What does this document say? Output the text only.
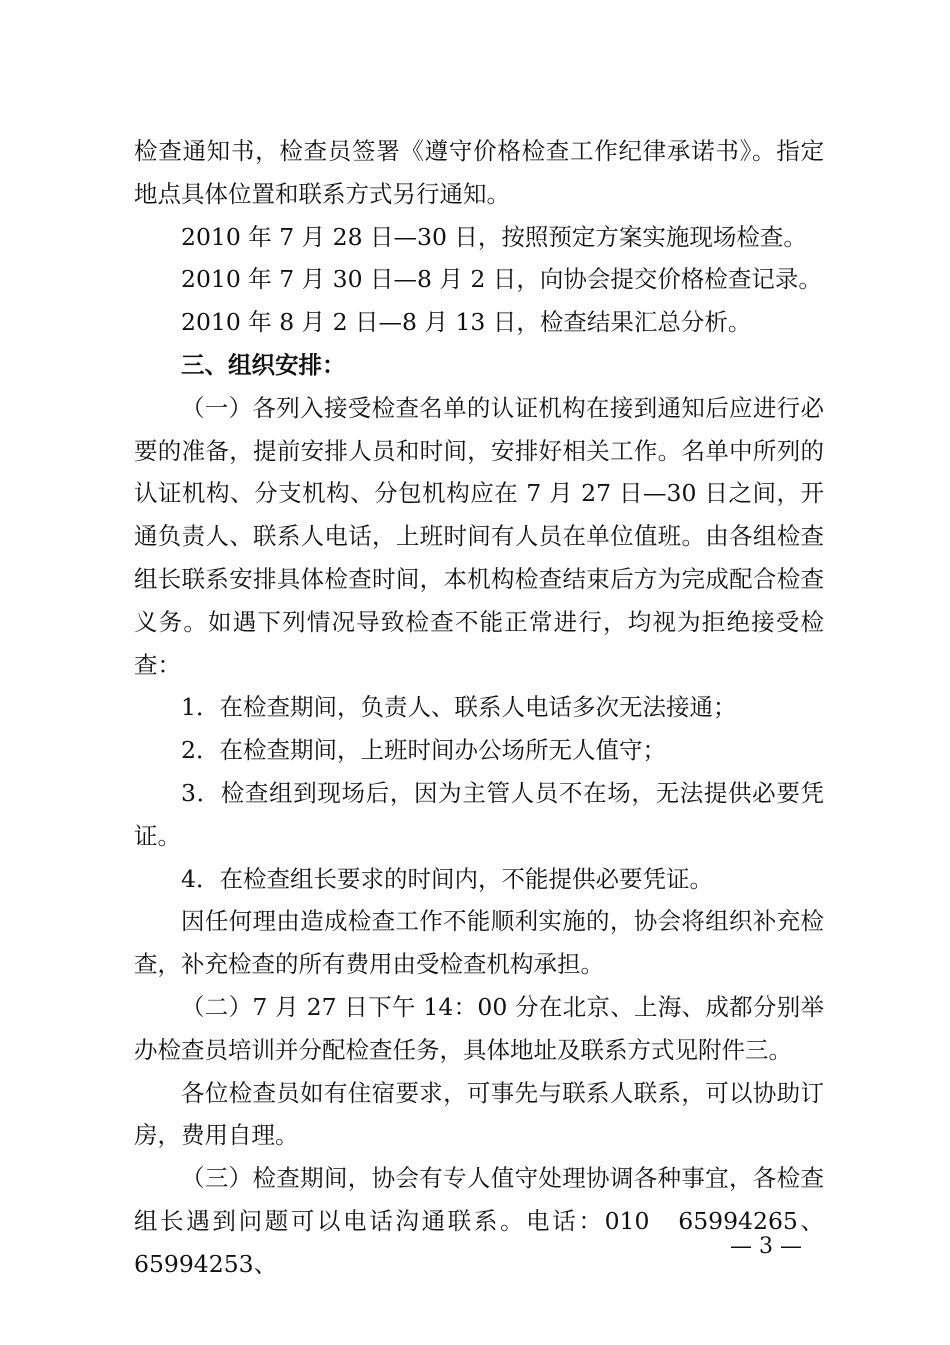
检查通知书，检查员签署《遵守价格检查工作纪律承诺书》。指定地点具体位置和联系方式另行通知。

2010 年 7 月 28 日—30 日，按照预定方案实施现场检查。

2010 年 7 月 30 日—8 月 2 日，向协会提交价格检查记录。

2010 年 8 月 2 日—8 月 13 日，检查结果汇总分析。

三、组织安排：

（一）各列入接受检查名单的认证机构在接到通知后应进行必要的准备，提前安排人员和时间，安排好相关工作。名单中所列的认证机构、分支机构、分包机构应在 7 月 27 日—30 日之间，开通负责人、联系人电话，上班时间有人员在单位值班。由各组检查组长联系安排具体检查时间，本机构检查结束后方为完成配合检查义务。如遇下列情况导致检查不能正常进行，均视为拒绝接受检查：

1．在检查期间，负责人、联系人电话多次无法接通；

2．在检查期间，上班时间办公场所无人值守；

3．检查组到现场后，因为主管人员不在场，无法提供必要凭证。

4．在检查组长要求的时间内，不能提供必要凭证。

因任何理由造成检查工作不能顺利实施的，协会将组织补充检查，补充检查的所有费用由受检查机构承担。

（二）7 月 27 日下午 14：00 分在北京、上海、成都分别举办检查员培训并分配检查任务，具体地址及联系方式见附件三。

各位检查员如有住宿要求，可事先与联系人联系，可以协助订房，费用自理。

（三）检查期间，协会有专人值守处理协调各种事宜，各检查组长遇到问题可以电话沟通联系。电话：010　65994265、65994253、

— 3 —
